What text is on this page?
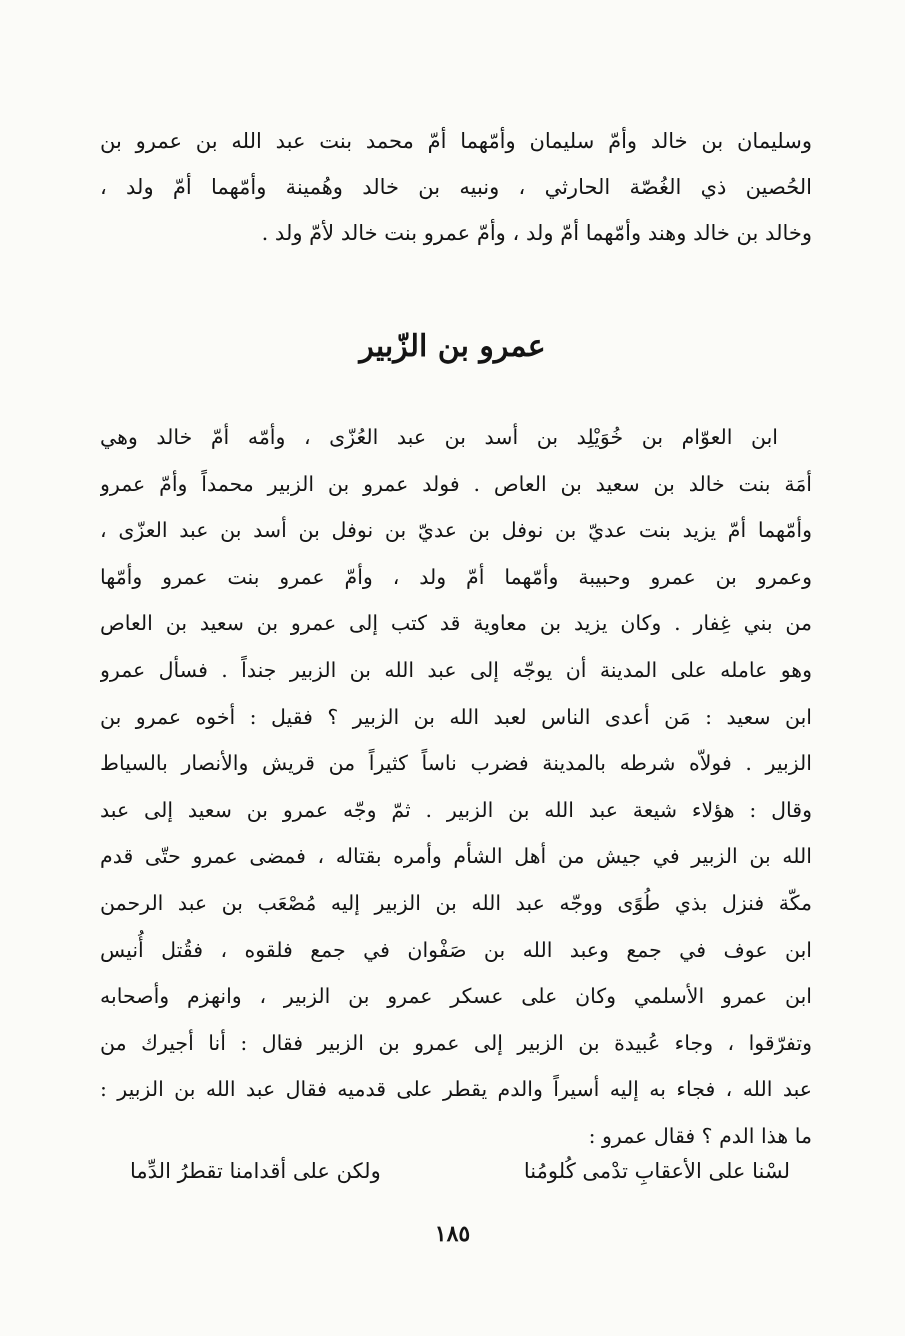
وسليمان بن خالد وأمّ سليمان وأمّهما أمّ محمد بنت عبد الله بن عمرو بن
الحُصين ذي الغُصّة الحارثي ، ونبيه بن خالد وهُمينة وأمّهما أمّ ولد ،
وخالد بن خالد وهند وأمّهما أمّ ولد ، وأمّ عمرو بنت خالد لأمّ ولد .
عمرو بن الزّبير
ابن العوّام بن خُوَيْلِد بن أسد بن عبد العُزّى ، وأمّه أمّ خالد وهي
أمَة بنت خالد بن سعيد بن العاص . فولد عمرو بن الزبير محمداً وأمّ عمرو
وأمّهما أمّ يزيد بنت عديّ بن نوفل بن عديّ بن نوفل بن أسد بن عبد العزّى ،
وعمرو بن عمرو وحبيبة وأمّهما أمّ ولد ، وأمّ عمرو بنت عمرو وأمّها
من بني غِفار . وكان يزيد بن معاوية قد كتب إلى عمرو بن سعيد بن العاص
وهو عامله على المدينة أن يوجّه إلى عبد الله بن الزبير جنداً . فسأل عمرو
ابن سعيد : مَن أعدى الناس لعبد الله بن الزبير ؟ فقيل : أخوه عمرو بن
الزبير . فولاّه شرطه بالمدينة فضرب ناساً كثيراً من قريش والأنصار بالسياط
وقال : هؤلاء شيعة عبد الله بن الزبير . ثمّ وجّه عمرو بن سعيد إلى عبد
الله بن الزبير في جيش من أهل الشأم وأمره بقتاله ، فمضى عمرو حتّى قدم
مكّة فنزل بذي طُوًى ووجّه عبد الله بن الزبير إليه مُصْعَب بن عبد الرحمن
ابن عوف في جمع وعبد الله بن صَفْوان في جمع فلقوه ، فقُتل أُنيس
ابن عمرو الأسلمي وكان على عسكر عمرو بن الزبير ، وانهزم وأصحابه
وتفرّقوا ، وجاء عُبيدة بن الزبير إلى عمرو بن الزبير فقال : أنا أجيرك من
عبد الله ، فجاء به إليه أسيراً والدم يقطر على قدميه فقال عبد الله بن الزبير :
ما هذا الدم ؟ فقال عمرو :
لسْنا على الأعقابِ تدْمى كُلومُنا
ولكن على أقدامنا تقطرُ الدِّما
١٨٥
